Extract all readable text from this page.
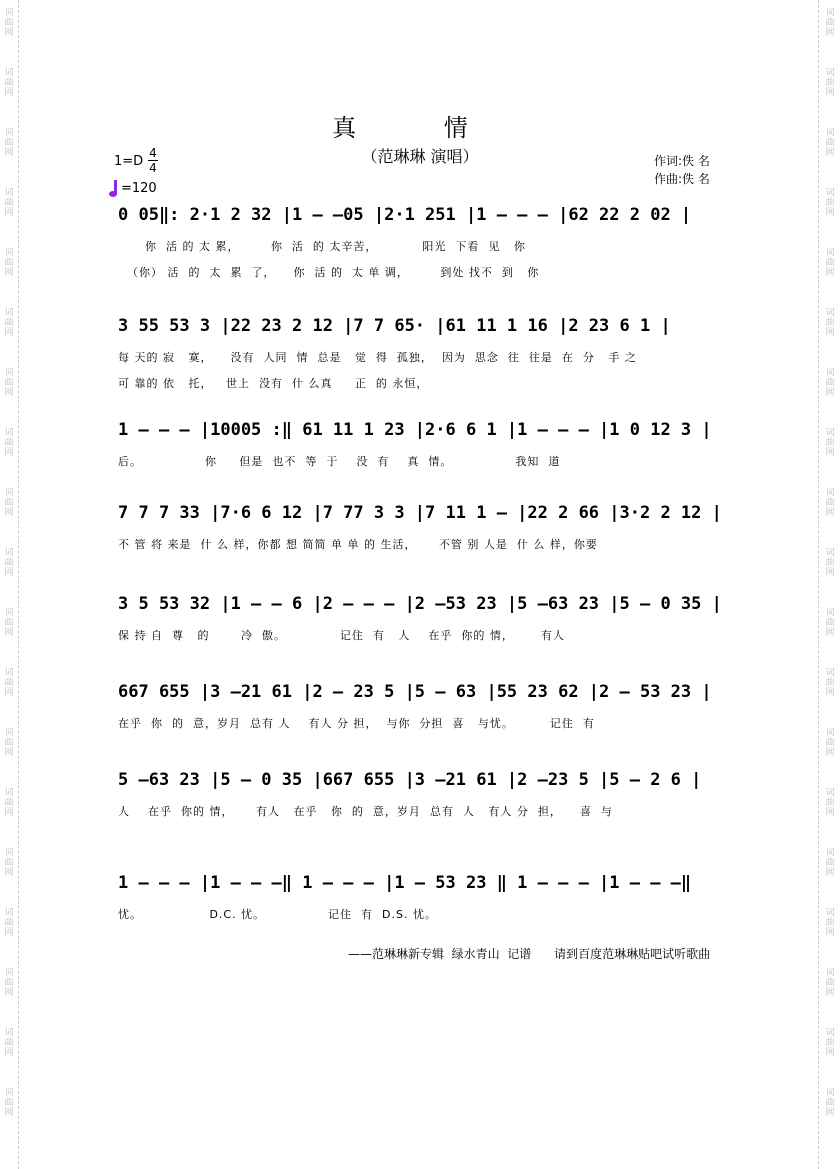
词曲网
词曲网
词曲网
词曲网
词曲网
词曲网
词曲网
词曲网
词曲网
词曲网
词曲网
词曲网
词曲网
词曲网
词曲网
词曲网
词曲网
词曲网
词曲网
词曲网
词曲网
词曲网
词曲网
词曲网
词曲网
词曲网
词曲网
词曲网
词曲网
词曲网
词曲网
词曲网
词曲网
词曲网
词曲网
词曲网
词曲网
词曲网
真 情
（范琳琳 演唱）
1=D
4
4
=120
作词:佚 名
作曲:佚 名
0 05‖: 2·1 2 32 |1 — —05 |2·1 251 |1 — — — |62 22 2 02 |
你  活 的 太 累，       你  活  的 太辛苦，          阳光  下看  见   你
（你） 活  的  太  累  了，    你  活 的  太 单 调，       到处 找不  到   你
3 55 53 3 |22 23 2 12 |7 7 65· |61 11 1 16 |2 23 6 1 |
每 天的 寂   寞，    没有  人同  情  总是   觉  得  孤独，  因为  思念  往  往是  在  分   手 之
可 靠的 依   托，   世上  没有  什 么真     正  的 永恒，
1 — — — |10005 :‖ 61 11 1 23 |2·6 6 1 |1 — — — |1 0 12 3 |
后。              你     但是  也不  等  于    没  有    真  情。              我知  道
7 7 7 33 |7·6 6 12 |7 77 3 3 |7 11 1 — |22 2 66 |3·2 2 12 |
不 管 将 来是  什 么 样，你都 想 简简 单 单 的 生活，     不管 别 人是  什 么 样，你要
3 5 53 32 |1 — — 6 |2 — — — |2 —53 23 |5 —63 23 |5 — 0 35 |
保 持 自  尊   的       冷  傲。            记住  有   人    在乎  你的 情，      有人
667 655 |3 —21 61 |2 — 23 5 |5 — 63 |55 23 62 |2 — 53 23 |
在乎  你  的  意，岁月  总有 人    有人 分 担，  与你  分担  喜   与忧。        记住  有
5 —63 23 |5 — 0 35 |667 655 |3 —21 61 |2 —23 5 |5 — 2 6 |
人    在乎  你的 情，     有人   在乎   你  的  意，岁月  总有  人   有人 分  担，    喜  与
1 — — — |1 — — —‖ 1 — — — |1 — 53 23 ‖ 1 — — — |1 — — —‖
忧。               D.C. 忧。              记住  有  D.S. 忧。
——范琳琳新专辑  绿水青山  记谱      请到百度范琳琳贴吧试听歌曲
